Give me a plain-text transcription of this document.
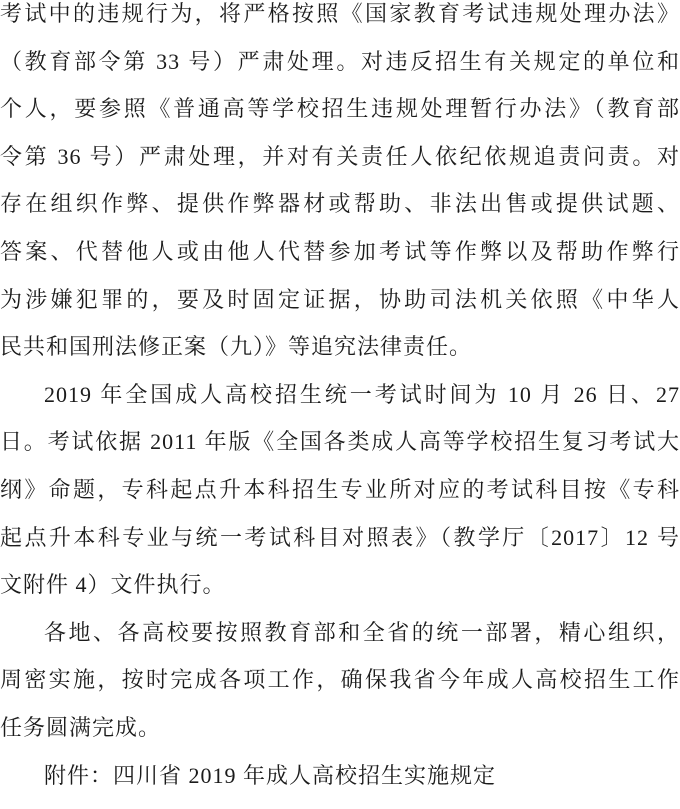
考试中的违规行为，将严格按照《国家教育考试违规处理办法》
（教育部令第 33 号）严肃处理。对违反招生有关规定的单位和
个人，要参照《普通高等学校招生违规处理暂行办法》（教育部
令第 36 号）严肃处理，并对有关责任人依纪依规追责问责。对
存在组织作弊、提供作弊器材或帮助、非法出售或提供试题、
答案、代替他人或由他人代替参加考试等作弊以及帮助作弊行
为涉嫌犯罪的，要及时固定证据，协助司法机关依照《中华人
民共和国刑法修正案（九）》等追究法律责任。
2019 年全国成人高校招生统一考试时间为 10 月 26 日、27
日。考试依据 2011 年版《全国各类成人高等学校招生复习考试大
纲》命题，专科起点升本科招生专业所对应的考试科目按《专科
起点升本科专业与统一考试科目对照表》（教学厅〔2017〕12 号
文附件 4）文件执行。
各地、各高校要按照教育部和全省的统一部署，精心组织，
周密实施，按时完成各项工作，确保我省今年成人高校招生工作
任务圆满完成。
附件：四川省 2019 年成人高校招生实施规定
